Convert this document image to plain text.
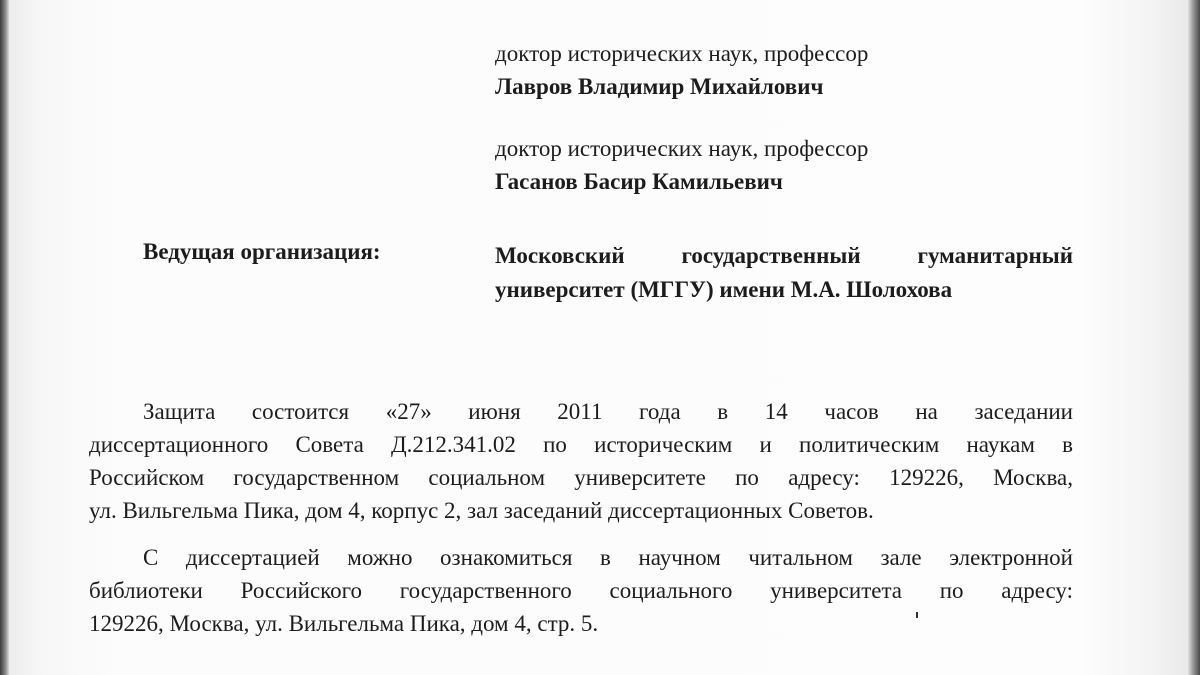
доктор исторических наук, профессор
Лавров Владимир Михайлович
доктор исторических наук, профессор
Гасанов Басир Камильевич
Ведущая организация:	Московский государственный гуманитарный
университет (МГГУ) имени М.А. Шолохова
Защита состоится «27» июня 2011 года в 14 часов на заседании
диссертационного Совета Д.212.341.02 по историческим и политическим наукам в
Российском государственном социальном университете по адресу: 129226, Москва,
ул. Вильгельма Пика, дом 4, корпус 2, зал заседаний диссертационных Советов.
С диссертацией можно ознакомиться в научном читальном зале электронной
библиотеки Российского государственного социального университета по адресу:
129226, Москва, ул. Вильгельма Пика, дом 4, стр. 5.
